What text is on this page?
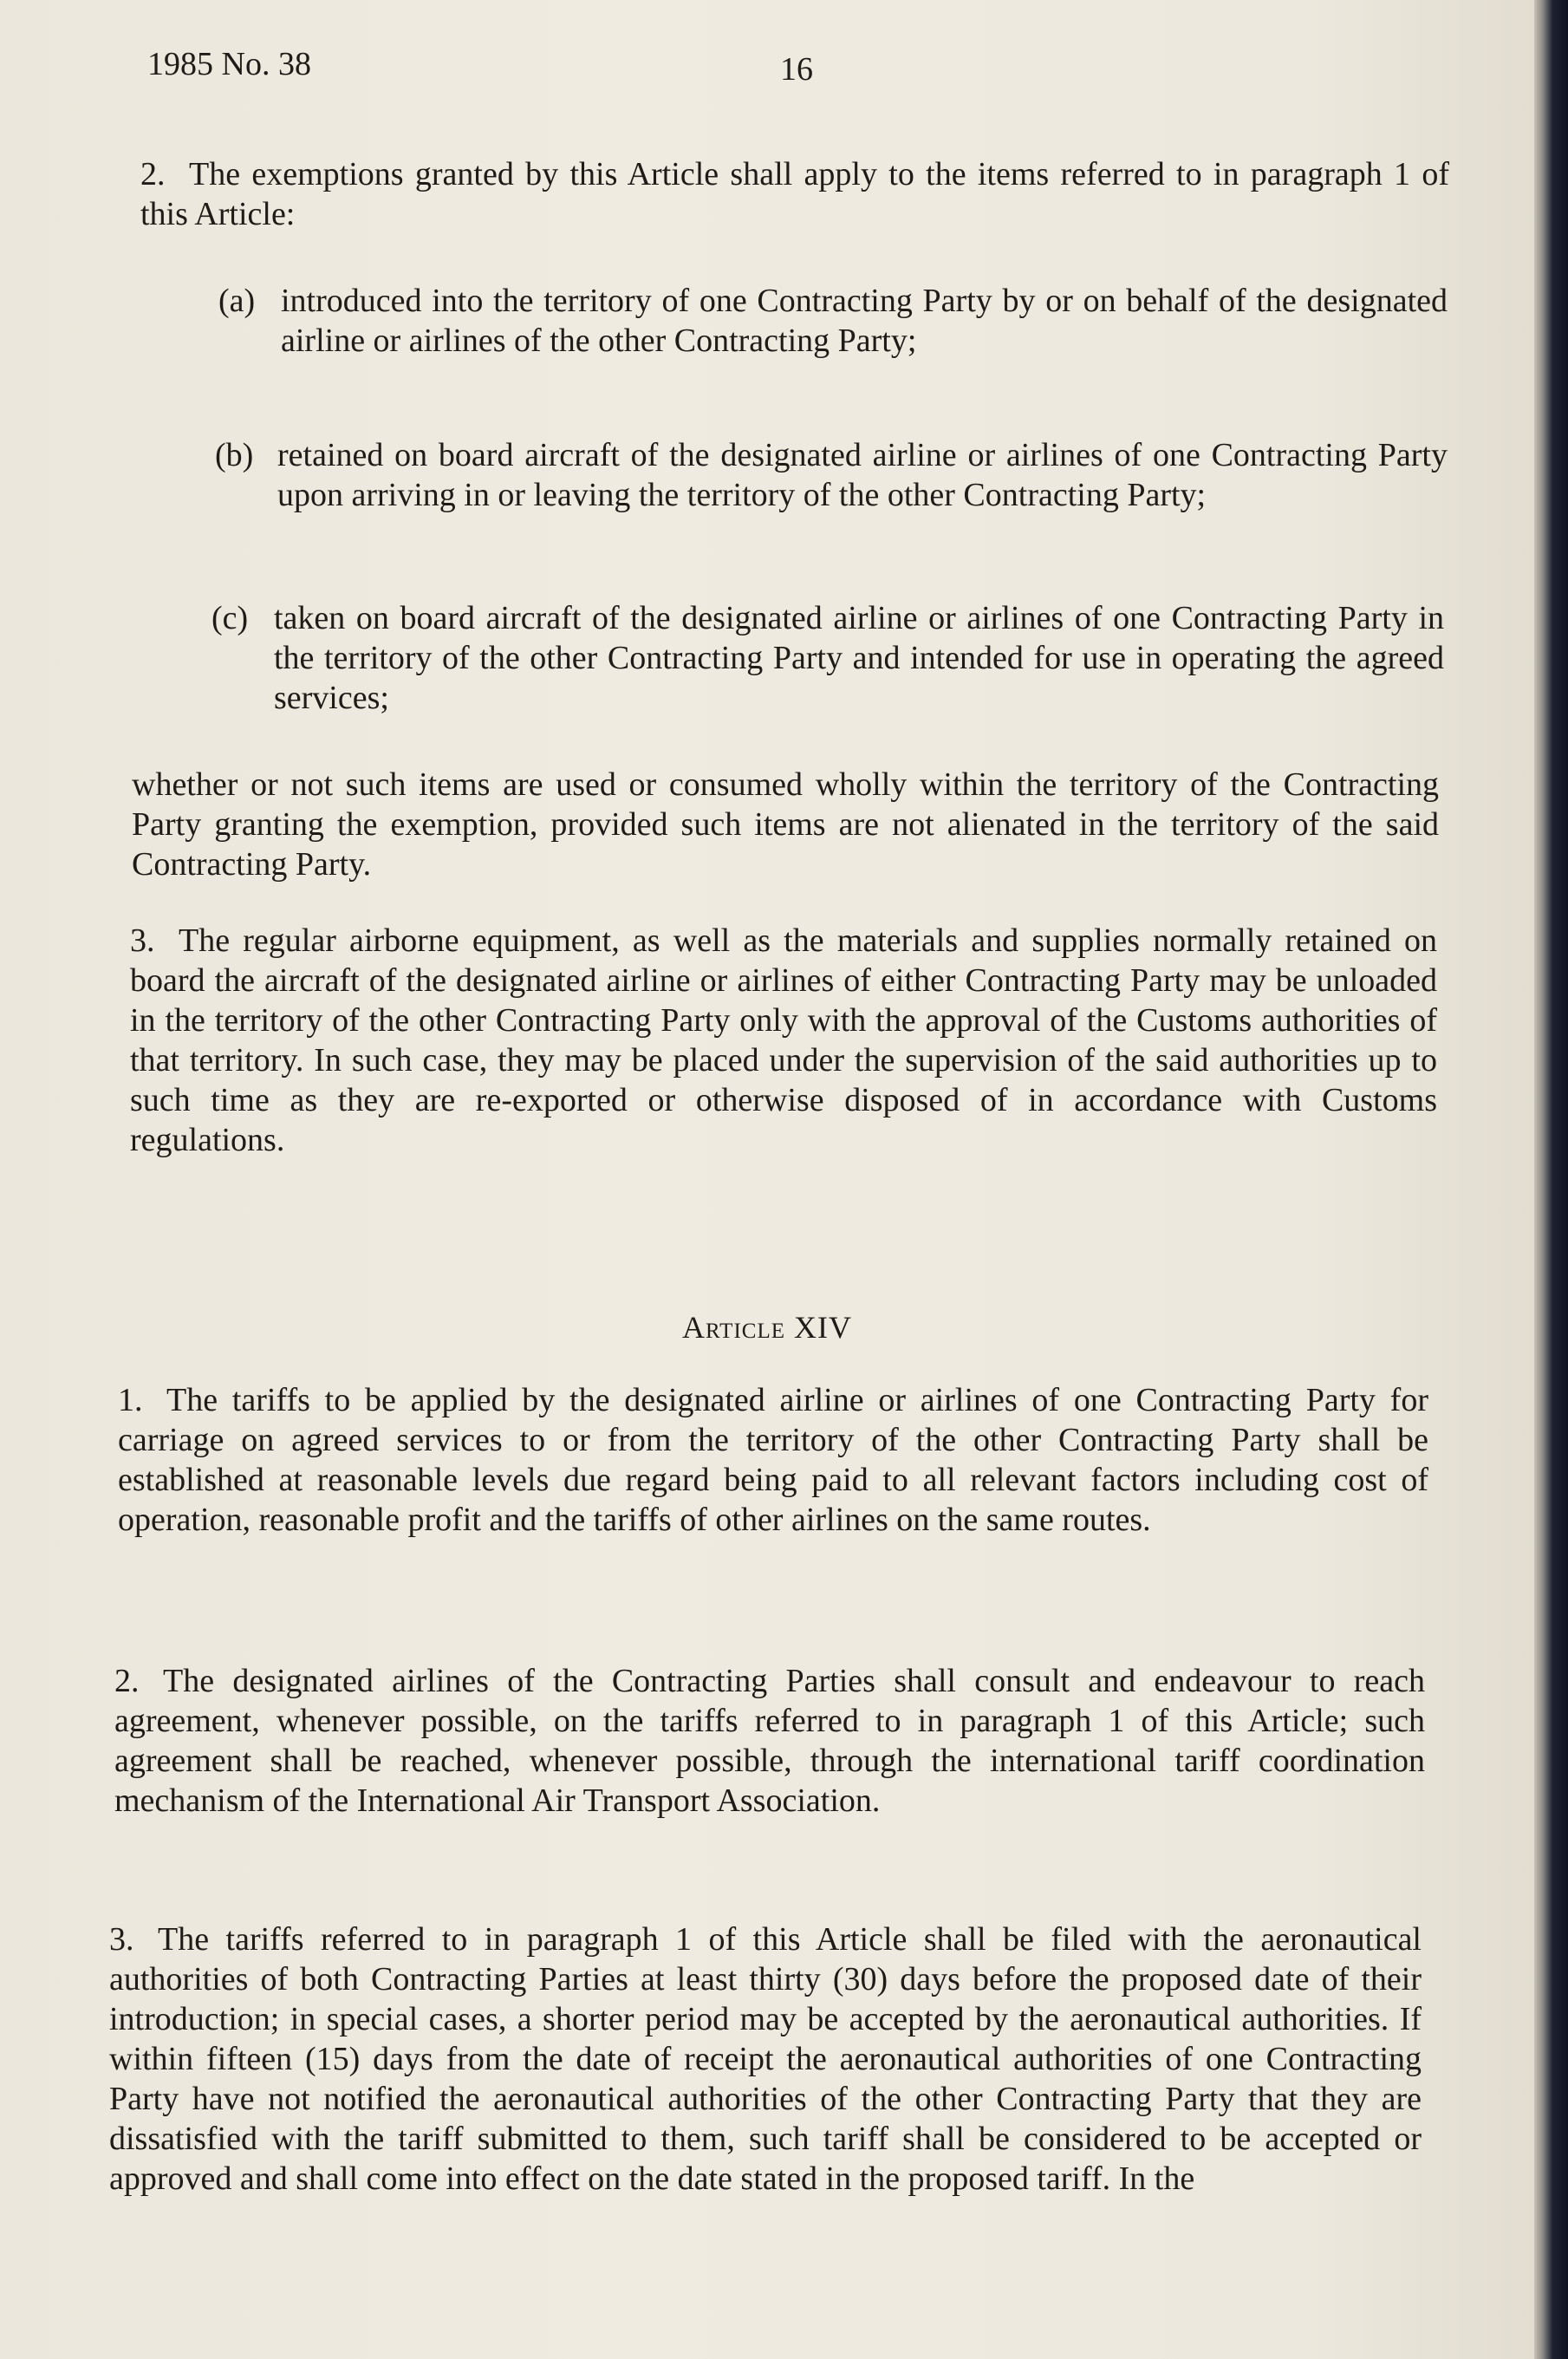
1985 No. 38	16
2. The exemptions granted by this Article shall apply to the items referred to in paragraph 1 of this Article:
(a) introduced into the territory of one Contracting Party by or on behalf of the designated airline or airlines of the other Contracting Party;
(b) retained on board aircraft of the designated airline or airlines of one Contracting Party upon arriving in or leaving the territory of the other Contracting Party;
(c) taken on board aircraft of the designated airline or airlines of one Contracting Party in the territory of the other Contracting Party and intended for use in operating the agreed services;
whether or not such items are used or consumed wholly within the territory of the Contracting Party granting the exemption, provided such items are not alienated in the territory of the said Contracting Party.
3. The regular airborne equipment, as well as the materials and supplies normally retained on board the aircraft of the designated airline or airlines of either Contracting Party may be unloaded in the territory of the other Contracting Party only with the approval of the Customs authorities of that territory. In such case, they may be placed under the supervision of the said authorities up to such time as they are re-exported or otherwise disposed of in accordance with Customs regulations.
Article XIV
1. The tariffs to be applied by the designated airline or airlines of one Contracting Party for carriage on agreed services to or from the territory of the other Contracting Party shall be established at reasonable levels due regard being paid to all relevant factors including cost of operation, reasonable profit and the tariffs of other airlines on the same routes.
2. The designated airlines of the Contracting Parties shall consult and endeavour to reach agreement, whenever possible, on the tariffs referred to in paragraph 1 of this Article; such agreement shall be reached, whenever possible, through the international tariff coordination mechanism of the International Air Transport Association.
3. The tariffs referred to in paragraph 1 of this Article shall be filed with the aeronautical authorities of both Contracting Parties at least thirty (30) days before the proposed date of their introduction; in special cases, a shorter period may be accepted by the aeronautical authorities. If within fifteen (15) days from the date of receipt the aeronautical authorities of one Contracting Party have not notified the aeronautical authorities of the other Contracting Party that they are dissatisfied with the tariff submitted to them, such tariff shall be considered to be accepted or approved and shall come into effect on the date stated in the proposed tariff. In the
